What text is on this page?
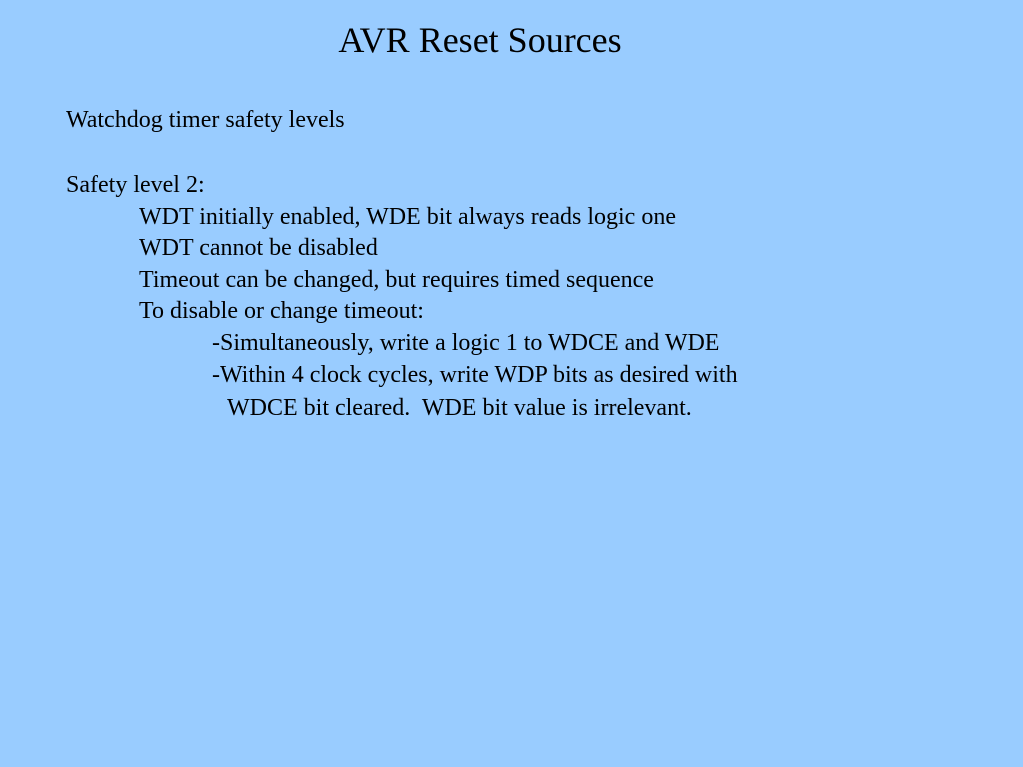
AVR Reset Sources
Watchdog timer safety levels
Safety level 2:
WDT initially enabled, WDE bit always reads logic one
WDT cannot be disabled
Timeout can be changed, but requires timed sequence
To disable or change timeout:
-Simultaneously, write a logic 1 to WDCE and WDE
-Within 4 clock cycles, write WDP bits as desired with
WDCE bit cleared.  WDE bit value is irrelevant.
